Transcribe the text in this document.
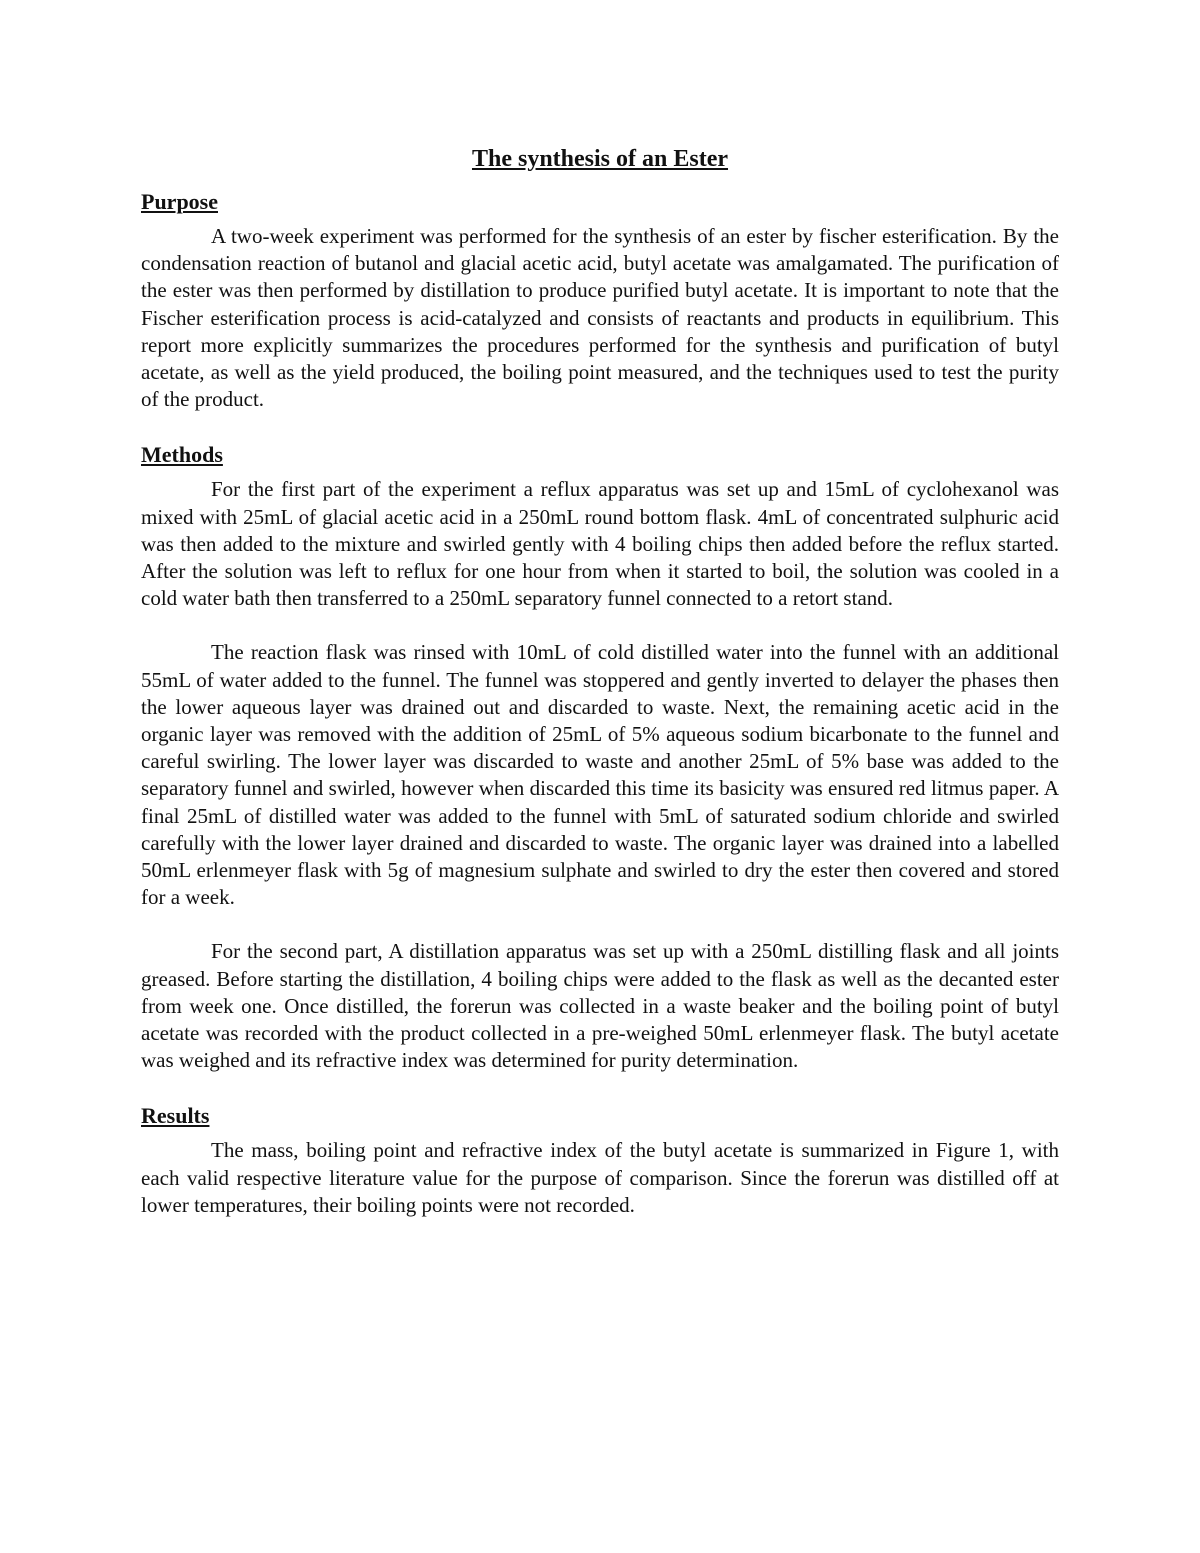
The synthesis of an Ester
Purpose

A two-week experiment was performed for the synthesis of an ester by fischer esterification. By the condensation reaction of butanol and glacial acetic acid, butyl acetate was amalgamated. The purification of the ester was then performed by distillation to produce purified butyl acetate. It is important to note that the Fischer esterification process is acid-catalyzed and consists of reactants and products in equilibrium. This report more explicitly summarizes the procedures performed for the synthesis and purification of butyl acetate, as well as the yield produced, the boiling point measured, and the techniques used to test the purity of the product.

Methods

For the first part of the experiment a reflux apparatus was set up and 15mL of cyclohexanol was mixed with 25mL of glacial acetic acid in a 250mL round bottom flask. 4mL of concentrated sulphuric acid was then added to the mixture and swirled gently with 4 boiling chips then added before the reflux started. After the solution was left to reflux for one hour from when it started to boil, the solution was cooled in a cold water bath then transferred to a 250mL separatory funnel connected to a retort stand.

The reaction flask was rinsed with 10mL of cold distilled water into the funnel with an additional 55mL of water added to the funnel. The funnel was stoppered and gently inverted to delayer the phases then the lower aqueous layer was drained out and discarded to waste. Next, the remaining acetic acid in the organic layer was removed with the addition of 25mL of 5% aqueous sodium bicarbonate to the funnel and careful swirling. The lower layer was discarded to waste and another 25mL of 5% base was added to the separatory funnel and swirled, however when discarded this time its basicity was ensured red litmus paper. A final 25mL of distilled water was added to the funnel with 5mL of saturated sodium chloride and swirled carefully with the lower layer drained and discarded to waste. The organic layer was drained into a labelled 50mL erlenmeyer flask with 5g of magnesium sulphate and swirled to dry the ester then covered and stored for a week.

For the second part, A distillation apparatus was set up with a 250mL distilling flask and all joints greased. Before starting the distillation, 4 boiling chips were added to the flask as well as the decanted ester from week one. Once distilled, the forerun was collected in a waste beaker and the boiling point of butyl acetate was recorded with the product collected in a pre-weighed 50mL erlenmeyer flask. The butyl acetate was weighed and its refractive index was determined for purity determination.

Results

The mass, boiling point and refractive index of the butyl acetate is summarized in Figure 1, with each valid respective literature value for the purpose of comparison. Since the forerun was distilled off at lower temperatures, their boiling points were not recorded.
